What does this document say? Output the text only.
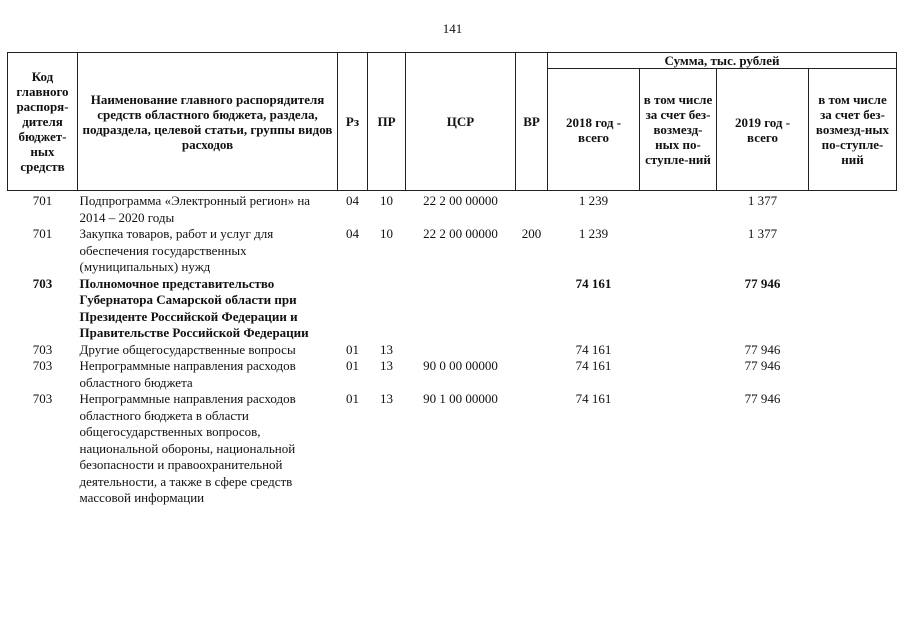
141
Код главного распоря-дителя бюджет-ных средств	Наименование главного распорядителя средств областного бюджета, раздела, подраздела, целевой статьи, группы видов расходов	Рз	ПР	ЦСР	ВР	Сумма, тыс. рублей			
						2018 год - всего	в том числе за счет без-возмезд-ных по-ступле-ний	2019 год - всего	в том числе за счет без-возмезд-ных по-ступле-ний
701	Подпрограмма «Электронный регион» на 2014 – 2020 годы	04	10	22 2 00 00000		1 239		1 377	
701	Закупка товаров, работ и услуг для обеспечения государственных (муниципальных) нужд	04	10	22 2 00 00000	200	1 239		1 377	
703	Полномочное представительство Губернатора Самарской области при Президенте Российской Федерации и Правительстве Российской Федерации					74 161		77 946	
703	Другие общегосударственные вопросы	01	13			74 161		77 946	
703	Непрограммные направления расходов областного бюджета	01	13	90 0 00 00000		74 161		77 946	
703	Непрограммные направления расходов областного бюджета в области общегосударственных вопросов, национальной обороны, национальной безопасности и правоохранительной деятельности, а также в сфере средств массовой информации	01	13	90 1 00 00000		74 161		77 946	
